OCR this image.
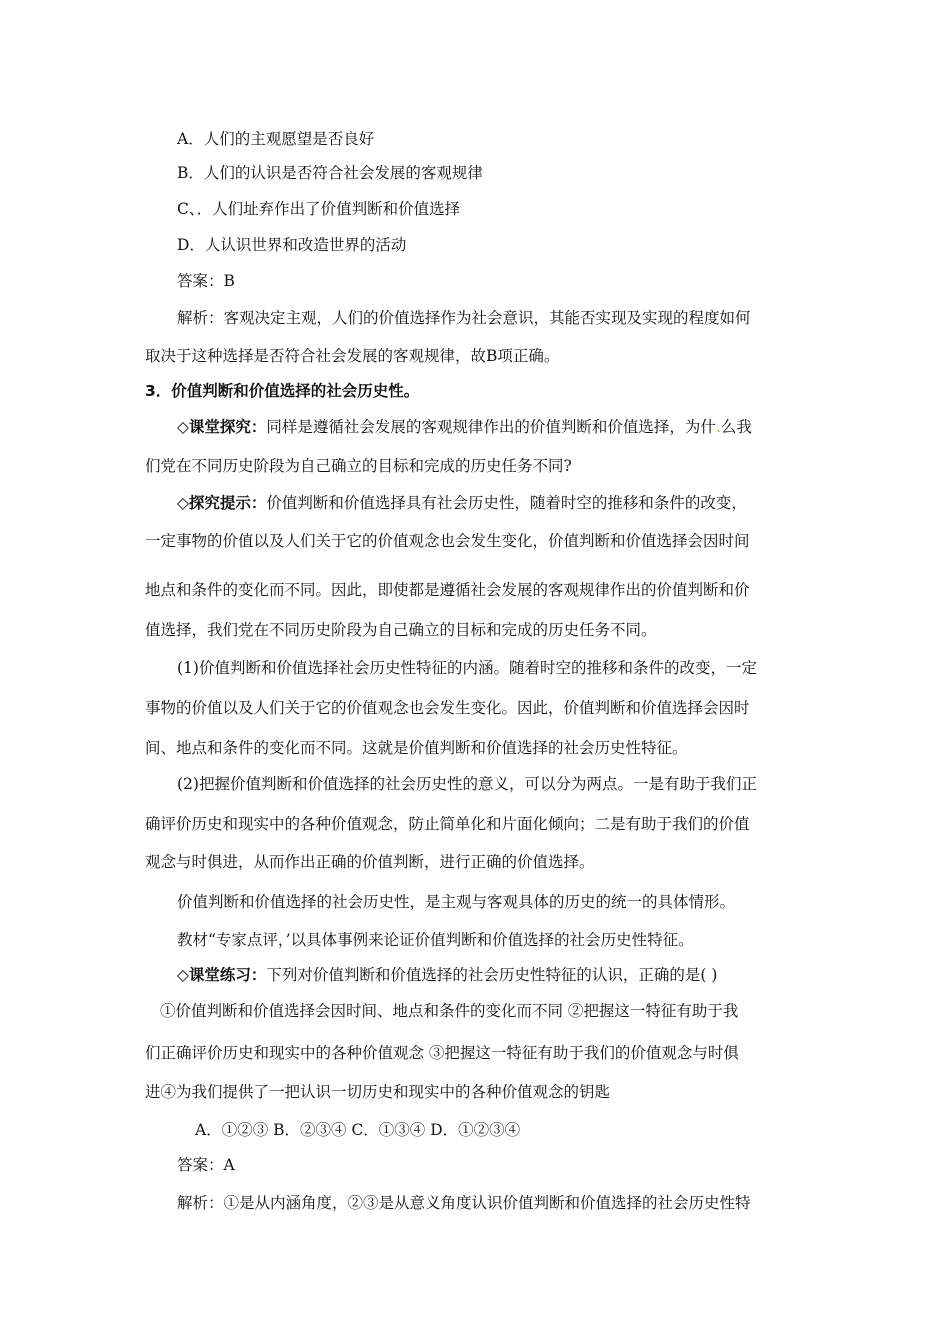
A．人们的主观愿望是否良好
B．人们的认识是否符合社会发展的客观规律
C、．人们址弃作出了价值判断和价值选择
D．人认识世界和改造世界的活动
答案：B
解析：客观决定主观，人们的价值选择作为社会意识，其能否实现及实现的程度如何
取决于这种选择是否符合社会发展的客观规律，故B项正确。
3．价值判断和价值选择的社会历史性。
◇课堂探究：同样是遵循社会发展的客观规律作出的价值判断和价值选择，为什.么我
们党在不同历史阶段为自己确立的目标和完成的历史任务不同?
◇探究提示：价值判断和价值选择具有社会历史性，随着时空的推移和条件的改变，
一定事物的价值以及人们关于它的价值观念也会发生变化，价值判断和价值选择会因时间
地点和条件的变化而不同。因此，即使都是遵循社会发展的客观规律作出的价值判断和价
值选择，我们党在不同历史阶段为自己确立的目标和完成的历史任务不同。
(1)价值判断和价值选择社会历史性特征的内涵。随着时空的推移和条件的改变，一定
事物的价值以及人们关于它的价值观念也会发生变化。因此，价值判断和价值选择会因时
间、地点和条件的变化而不同。这就是价值判断和价值选择的社会历史性特征。
(2)把握价值判断和价值选择的社会历史性的意义，可以分为两点。一是有助于我们正
确评价历史和现实中的各种价值观念，防止简单化和片面化倾向；二是有助于我们的价值
观念与时俱进，从而作出正确的价值判断，进行正确的价值选择。
价值判断和价值选择的社会历史性，是主观与客观具体的历史的统一的具体情形。
教材“专家点评，’以具体事例来论证价值判断和价值选择的社会历史性特征。
◇课堂练习：下列对价值判断和价值选择的社会历史性特征的认识，正确的是( )
①价值判断和价值选择会因时间、地点和条件的变化而不同 ②把握这一特征有助于我
们正确评价历史和现实中的各种价值观念 ③把握这一特征有助于我们的价值观念与时俱
进④为我们提供了一把认识一切历史和现实中的各种价值观念的钥匙
A．①②③ B．②③④ C．①③④ D．①②③④
答案：A
解析：①是从内涵角度，②③是从意义角度认识价值判断和价值选择的社会历史性特
